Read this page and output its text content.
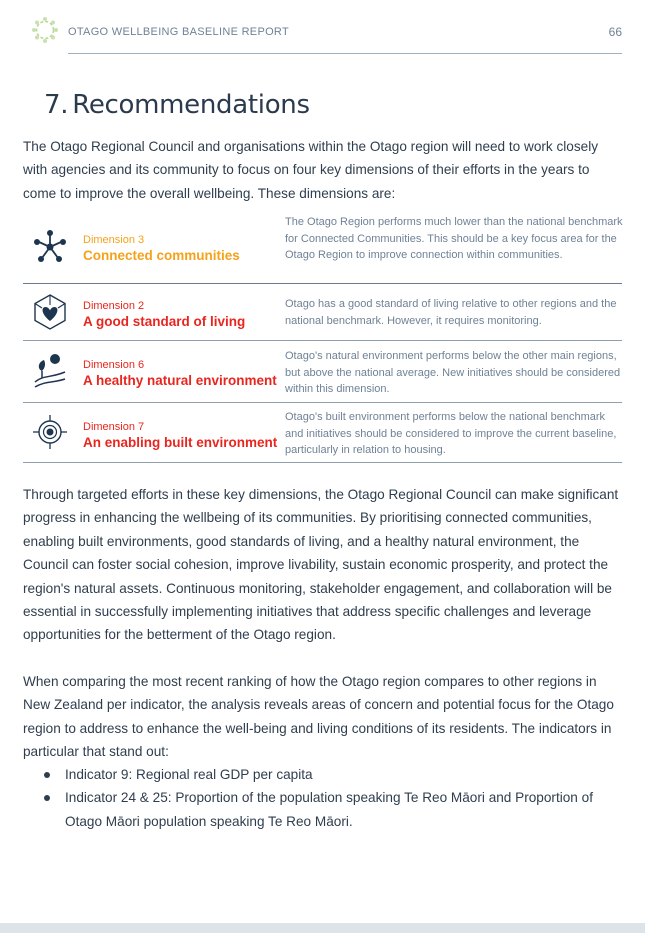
OTAGO WELLBEING BASELINE REPORT	66
7. Recommendations
The Otago Regional Council and organisations within the Otago region will need to work closely with agencies and its community to focus on four key dimensions of their efforts in the years to come to improve the overall wellbeing. These dimensions are:
Dimension 3
Connected communities
The Otago Region performs much lower than the national benchmark for Connected Communities. This should be a key focus area for the Otago Region to improve connection within communities.
Dimension 2
A good standard of living
Otago has a good standard of living relative to other regions and the national benchmark. However, it requires monitoring.
Dimension 6
A healthy natural environment
Otago's natural environment performs below the other main regions, but above the national average. New initiatives should be considered within this dimension.
Dimension 7
An enabling built environment
Otago's built environment performs below the national benchmark and initiatives should be considered to improve the current baseline, particularly in relation to housing.
Through targeted efforts in these key dimensions, the Otago Regional Council can make significant progress in enhancing the wellbeing of its communities. By prioritising connected communities, enabling built environments, good standards of living, and a healthy natural environment, the Council can foster social cohesion, improve livability, sustain economic prosperity, and protect the region's natural assets. Continuous monitoring, stakeholder engagement, and collaboration will be essential in successfully implementing initiatives that address specific challenges and leverage opportunities for the betterment of the Otago region.
When comparing the most recent ranking of how the Otago region compares to other regions in New Zealand per indicator, the analysis reveals areas of concern and potential focus for the Otago region to address to enhance the well-being and living conditions of its residents. The indicators in particular that stand out:
Indicator 9: Regional real GDP per capita
Indicator 24 & 25: Proportion of the population speaking Te Reo Māori and Proportion of Otago Māori population speaking Te Reo Māori.
